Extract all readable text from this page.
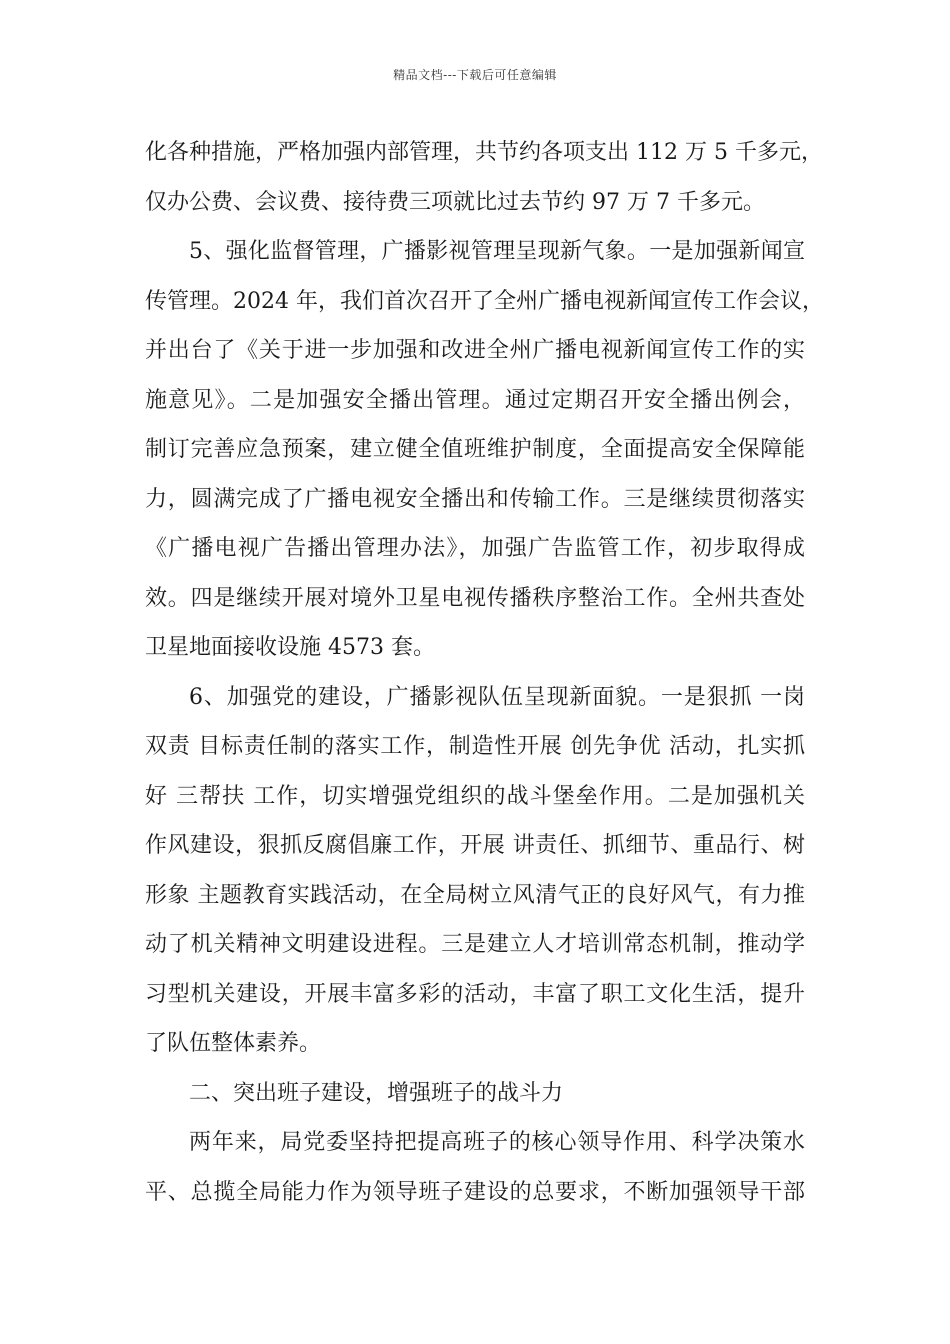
精品文档---下载后可任意编辑

化各种措施，严格加强内部管理，共节约各项支出 112 万 5 千多元，
仅办公费、会议费、接待费三项就比过去节约 97 万 7 千多元。

5、强化监督管理，广播影视管理呈现新气象。一是加强新闻宣
传管理。2024 年，我们首次召开了全州广播电视新闻宣传工作会议，
并出台了《关于进一步加强和改进全州广播电视新闻宣传工作的实
施意见》。二是加强安全播出管理。通过定期召开安全播出例会，
制订完善应急预案，建立健全值班维护制度，全面提高安全保障能
力，圆满完成了广播电视安全播出和传输工作。三是继续贯彻落实
《广播电视广告播出管理办法》，加强广告监管工作，初步取得成
效。四是继续开展对境外卫星电视传播秩序整治工作。全州共查处
卫星地面接收设施 4573 套。

6、加强党的建设，广播影视队伍呈现新面貌。一是狠抓 一岗
双责 目标责任制的落实工作，制造性开展 创先争优 活动，扎实抓
好 三帮扶 工作，切实增强党组织的战斗堡垒作用。二是加强机关
作风建设，狠抓反腐倡廉工作，开展 讲责任、抓细节、重品行、树
形象 主题教育实践活动，在全局树立风清气正的良好风气，有力推
动了机关精神文明建设进程。三是建立人才培训常态机制，推动学
习型机关建设，开展丰富多彩的活动，丰富了职工文化生活，提升
了队伍整体素养。

二、突出班子建设，增强班子的战斗力

两年来，局党委坚持把提高班子的核心领导作用、科学决策水
平、总揽全局能力作为领导班子建设的总要求，不断加强领导干部
